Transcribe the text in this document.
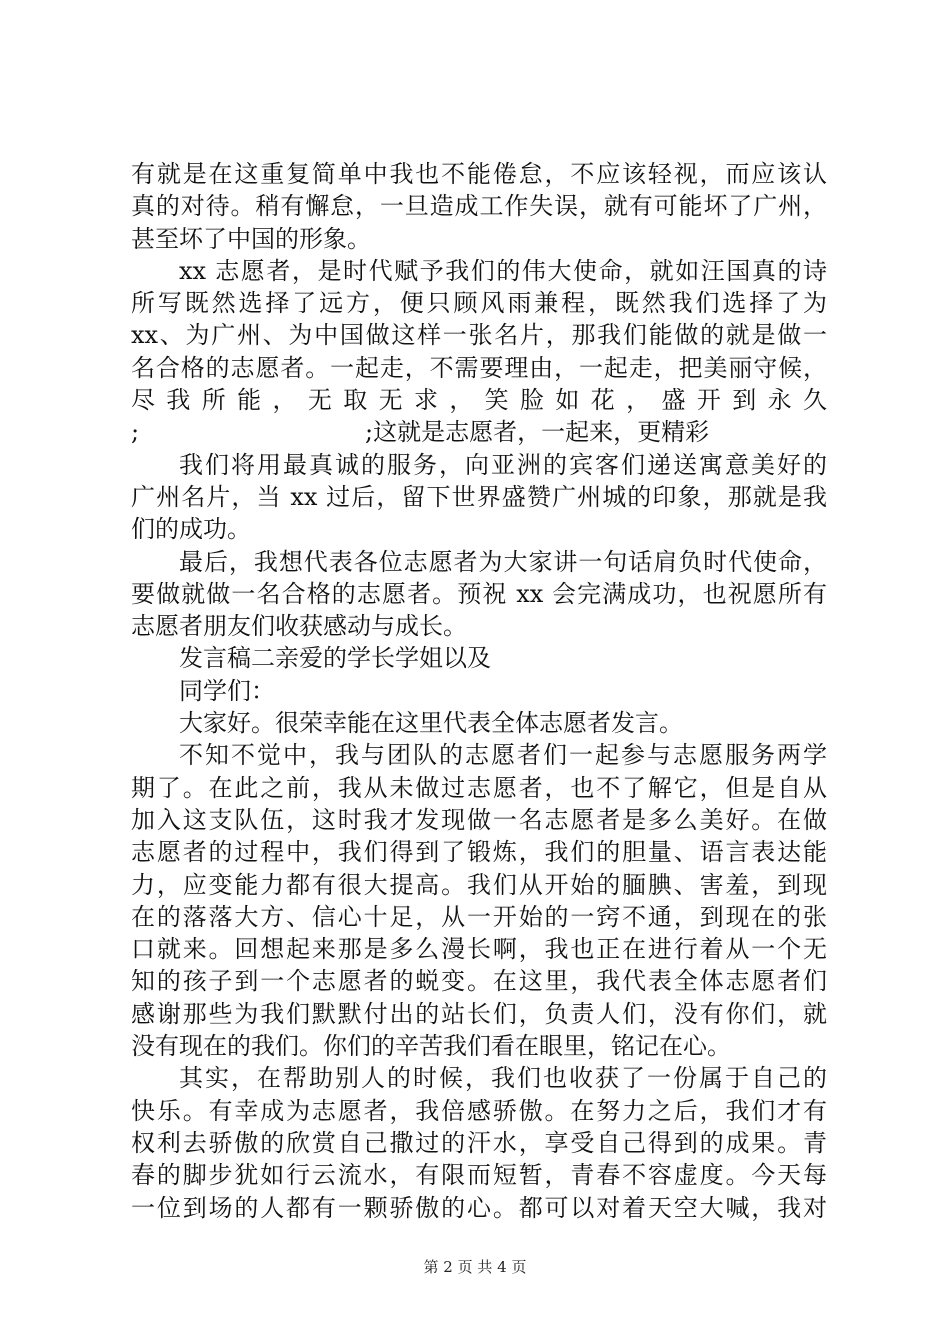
有就是在这重复简单中我也不能倦怠，不应该轻视，而应该认
真的对待。稍有懈怠，一旦造成工作失误，就有可能坏了广州，
甚至坏了中国的形象。
xx 志愿者，是时代赋予我们的伟大使命，就如汪国真的诗
所写既然选择了远方，便只顾风雨兼程，既然我们选择了为
xx、为广州、为中国做这样一张名片，那我们能做的就是做一
名合格的志愿者。一起走，不需要理由，一起走，把美丽守候，
尽 我 所 能 ， 无 取 无 求 ， 笑 脸 如 花 ， 盛 开 到 永 久
;	;这就是志愿者，一起来，更精彩
我们将用最真诚的服务，向亚洲的宾客们递送寓意美好的
广州名片，当 xx 过后，留下世界盛赞广州城的印象，那就是我
们的成功。
最后，我想代表各位志愿者为大家讲一句话肩负时代使命，
要做就做一名合格的志愿者。预祝 xx 会完满成功，也祝愿所有
志愿者朋友们收获感动与成长。
发言稿二亲爱的学长学姐以及
同学们：
大家好。很荣幸能在这里代表全体志愿者发言。
不知不觉中，我与团队的志愿者们一起参与志愿服务两学
期了。在此之前，我从未做过志愿者，也不了解它，但是自从
加入这支队伍，这时我才发现做一名志愿者是多么美好。在做
志愿者的过程中，我们得到了锻炼，我们的胆量、语言表达能
力，应变能力都有很大提高。我们从开始的腼腆、害羞，到现
在的落落大方、信心十足，从一开始的一窍不通，到现在的张
口就来。回想起来那是多么漫长啊，我也正在进行着从一个无
知的孩子到一个志愿者的蜕变。在这里，我代表全体志愿者们
感谢那些为我们默默付出的站长们，负责人们，没有你们，就
没有现在的我们。你们的辛苦我们看在眼里，铭记在心。
其实，在帮助别人的时候，我们也收获了一份属于自己的
快乐。有幸成为志愿者，我倍感骄傲。在努力之后，我们才有
权利去骄傲的欣赏自己撒过的汗水，享受自己得到的成果。青
春的脚步犹如行云流水，有限而短暂，青春不容虚度。今天每
一位到场的人都有一颗骄傲的心。都可以对着天空大喊，我对
第 2 页 共 4 页
